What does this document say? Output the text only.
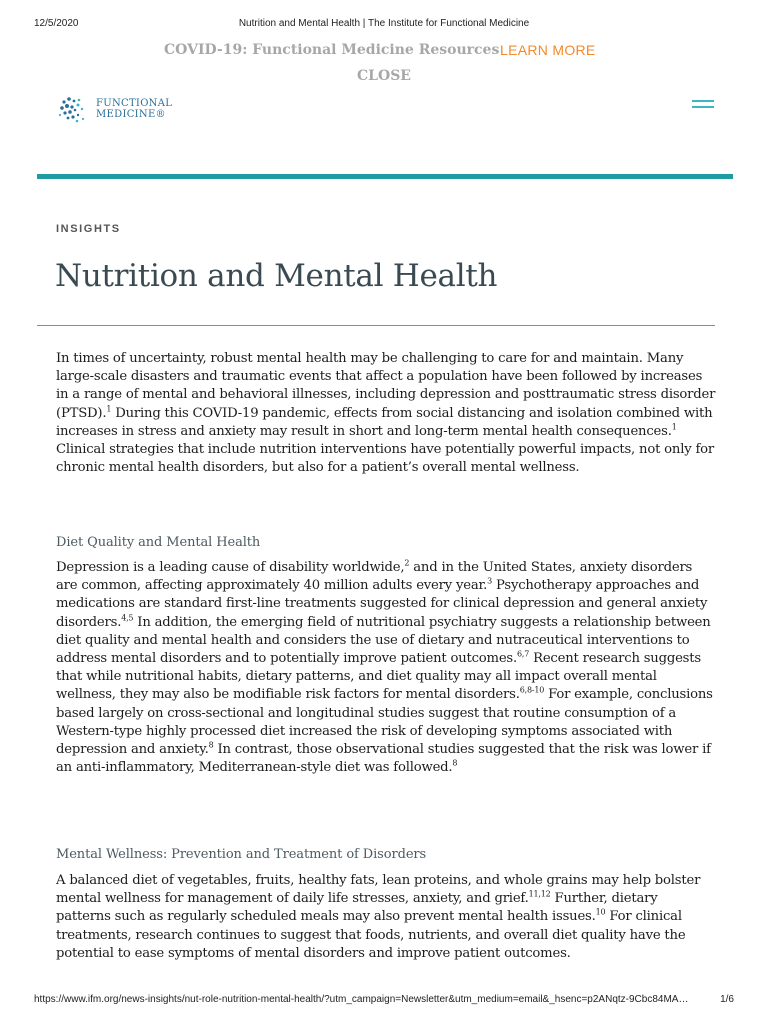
12/5/2020	Nutrition and Mental Health | The Institute for Functional Medicine
COVID-19: Functional Medicine Resources LEARN MORE
CLOSE
FUNCTIONAL
MEDICINE®
INSIGHTS
Nutrition and Mental Health

In times of uncertainty, robust mental health may be challenging to care for and maintain. Many large-scale disasters and traumatic events that affect a population have been followed by increases in a range of mental and behavioral illnesses, including depression and posttraumatic stress disorder (PTSD).$^1$ During this COVID-19 pandemic, effects from social distancing and isolation combined with increases in stress and anxiety may result in short and long-term mental health consequences.$^1$ Clinical strategies that include nutrition interventions have potentially powerful impacts, not only for chronic mental health disorders, but also for a patient’s overall mental wellness.

Diet Quality and Mental Health

Depression is a leading cause of disability worldwide,$^2$ and in the United States, anxiety disorders are common, affecting approximately 40 million adults every year.$^3$ Psychotherapy approaches and medications are standard first-line treatments suggested for clinical depression and general anxiety disorders.$^{4,5}$ In addition, the emerging field of nutritional psychiatry suggests a relationship between diet quality and mental health and considers the use of dietary and nutraceutical interventions to address mental disorders and to potentially improve patient outcomes.$^{6,7}$ Recent research suggests that while nutritional habits, dietary patterns, and diet quality may all impact overall mental wellness, they may also be modifiable risk factors for mental disorders.$^{6,8-10}$ For example, conclusions based largely on cross-sectional and longitudinal studies suggest that routine consumption of a Western-type highly processed diet increased the risk of developing symptoms associated with depression and anxiety.$^8$ In contrast, those observational studies suggested that the risk was lower if an anti-inflammatory, Mediterranean-style diet was followed.$^8$

Mental Wellness: Prevention and Treatment of Disorders

A balanced diet of vegetables, fruits, healthy fats, lean proteins, and whole grains may help bolster mental wellness for management of daily life stresses, anxiety, and grief.$^{11,12}$ Further, dietary patterns such as regularly scheduled meals may also prevent mental health issues.$^{10}$ For clinical treatments, research continues to suggest that foods, nutrients, and overall diet quality have the potential to ease symptoms of mental disorders and improve patient outcomes.

https://www.ifm.org/news-insights/nut-role-nutrition-mental-health/?utm_campaign=Newsletter&utm_medium=email&_hsenc=p2ANqtz-9Cbc84MA…	1/6
